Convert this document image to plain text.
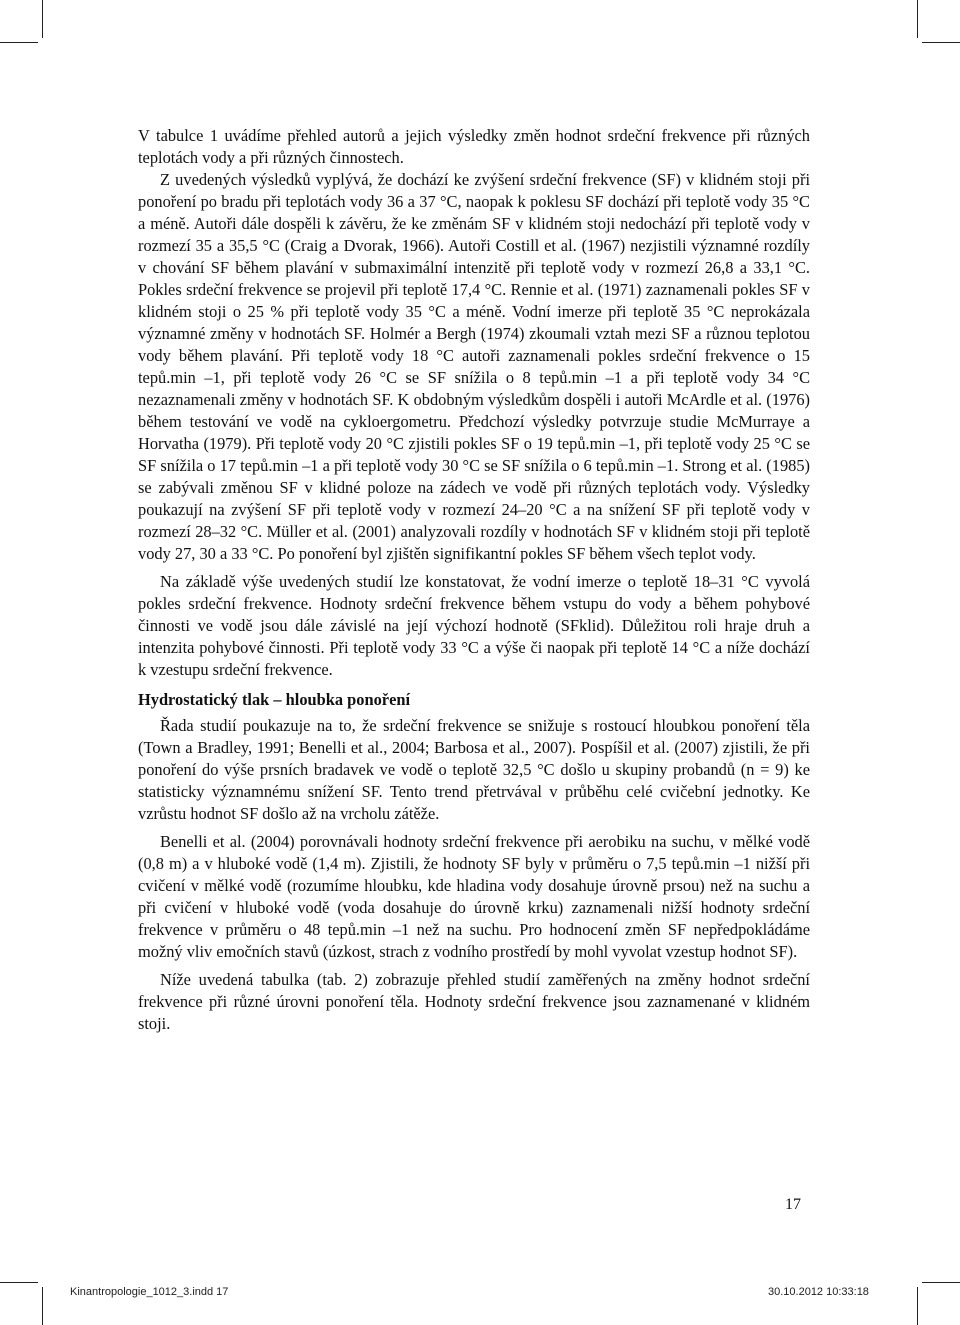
V tabulce 1 uvádíme přehled autorů a jejich výsledky změn hodnot srdeční frekvence při různých teplotách vody a při různých činnostech.

Z uvedených výsledků vyplývá, že dochází ke zvýšení srdeční frekvence (SF) v klidném stoji při ponoření po bradu při teplotách vody 36 a 37 °C, naopak k poklesu SF dochází při teplotě vody 35 °C a méně. Autoři dále dospěli k závěru, že ke změnám SF v klidném stoji nedochází při teplotě vody v rozmezí 35 a 35,5 °C (Craig a Dvorak, 1966). Autoři Costill et al. (1967) nezjistili významné rozdíly v chování SF během plavání v submaximální intenzitě při teplotě vody v rozmezí 26,8 a 33,1 °C. Pokles srdeční frekvence se projevil při teplotě 17,4 °C. Rennie et al. (1971) zaznamenali pokles SF v klidném stoji o 25 % při teplotě vody 35 °C a méně. Vodní imerze při teplotě 35 °C neprokázala významné změny v hodnotách SF. Holmér a Bergh (1974) zkoumali vztah mezi SF a různou teplotou vody během plavání. Při teplotě vody 18 °C autoři zaznamenali pokles srdeční frekvence o 15 tepů.min –1, při teplotě vody 26 °C se SF snížila o 8 tepů.min –1 a při teplotě vody 34 °C nezaznamenali změny v hodnotách SF. K obdobným výsledkům dospěli i autoři McArdle et al. (1976) během testování ve vodě na cykloergometru. Předchozí výsledky potvrzuje studie McMurraye a Horvatha (1979). Při teplotě vody 20 °C zjistili pokles SF o 19 tepů.min –1, při teplotě vody 25 °C se SF snížila o 17 tepů.min –1 a při teplotě vody 30 °C se SF snížila o 6 tepů.min –1. Strong et al. (1985) se zabývali změnou SF v klidné poloze na zádech ve vodě při různých teplotách vody. Výsledky poukazují na zvýšení SF při teplotě vody v rozmezí 24–20 °C a na snížení SF při teplotě vody v rozmezí 28–32 °C. Müller et al. (2001) analyzovali rozdíly v hodnotách SF v klidném stoji při teplotě vody 27, 30 a 33 °C. Po ponoření byl zjištěn signifikantní pokles SF během všech teplot vody.

Na základě výše uvedených studií lze konstatovat, že vodní imerze o teplotě 18–31 °C vyvolá pokles srdeční frekvence. Hodnoty srdeční frekvence během vstupu do vody a během pohybové činnosti ve vodě jsou dále závislé na její výchozí hodnotě (SFklid). Důležitou roli hraje druh a intenzita pohybové činnosti. Při teplotě vody 33 °C a výše či naopak při teplotě 14 °C a níže dochází k vzestupu srdeční frekvence.

Hydrostatický tlak – hloubka ponoření

Řada studií poukazuje na to, že srdeční frekvence se snižuje s rostoucí hloubkou ponoření těla (Town a Bradley, 1991; Benelli et al., 2004; Barbosa et al., 2007). Pospíšil et al. (2007) zjistili, že při ponoření do výše prsních bradavek ve vodě o teplotě 32,5 °C došlo u skupiny probandů (n = 9) ke statisticky významnému snížení SF. Tento trend přetrvával v průběhu celé cvičební jednotky. Ke vzrůstu hodnot SF došlo až na vrcholu zátěže.

Benelli et al. (2004) porovnávali hodnoty srdeční frekvence při aerobiku na suchu, v mělké vodě (0,8 m) a v hluboké vodě (1,4 m). Zjistili, že hodnoty SF byly v průměru o 7,5 tepů.min –1 nižší při cvičení v mělké vodě (rozumíme hloubku, kde hladina vody dosahuje úrovně prsou) než na suchu a při cvičení v hluboké vodě (voda dosahuje do úrovně krku) zaznamenali nižší hodnoty srdeční frekvence v průměru o 48 tepů.min –1 než na suchu. Pro hodnocení změn SF nepředpokládáme možný vliv emočních stavů (úzkost, strach z vodního prostředí by mohl vyvolat vzestup hodnot SF).

Níže uvedená tabulka (tab. 2) zobrazuje přehled studií zaměřených na změny hodnot srdeční frekvence při různé úrovni ponoření těla. Hodnoty srdeční frekvence jsou zaznamenané v klidném stoji.

17
Kinantropologie_1012_3.indd 17	30.10.2012 10:33:18
